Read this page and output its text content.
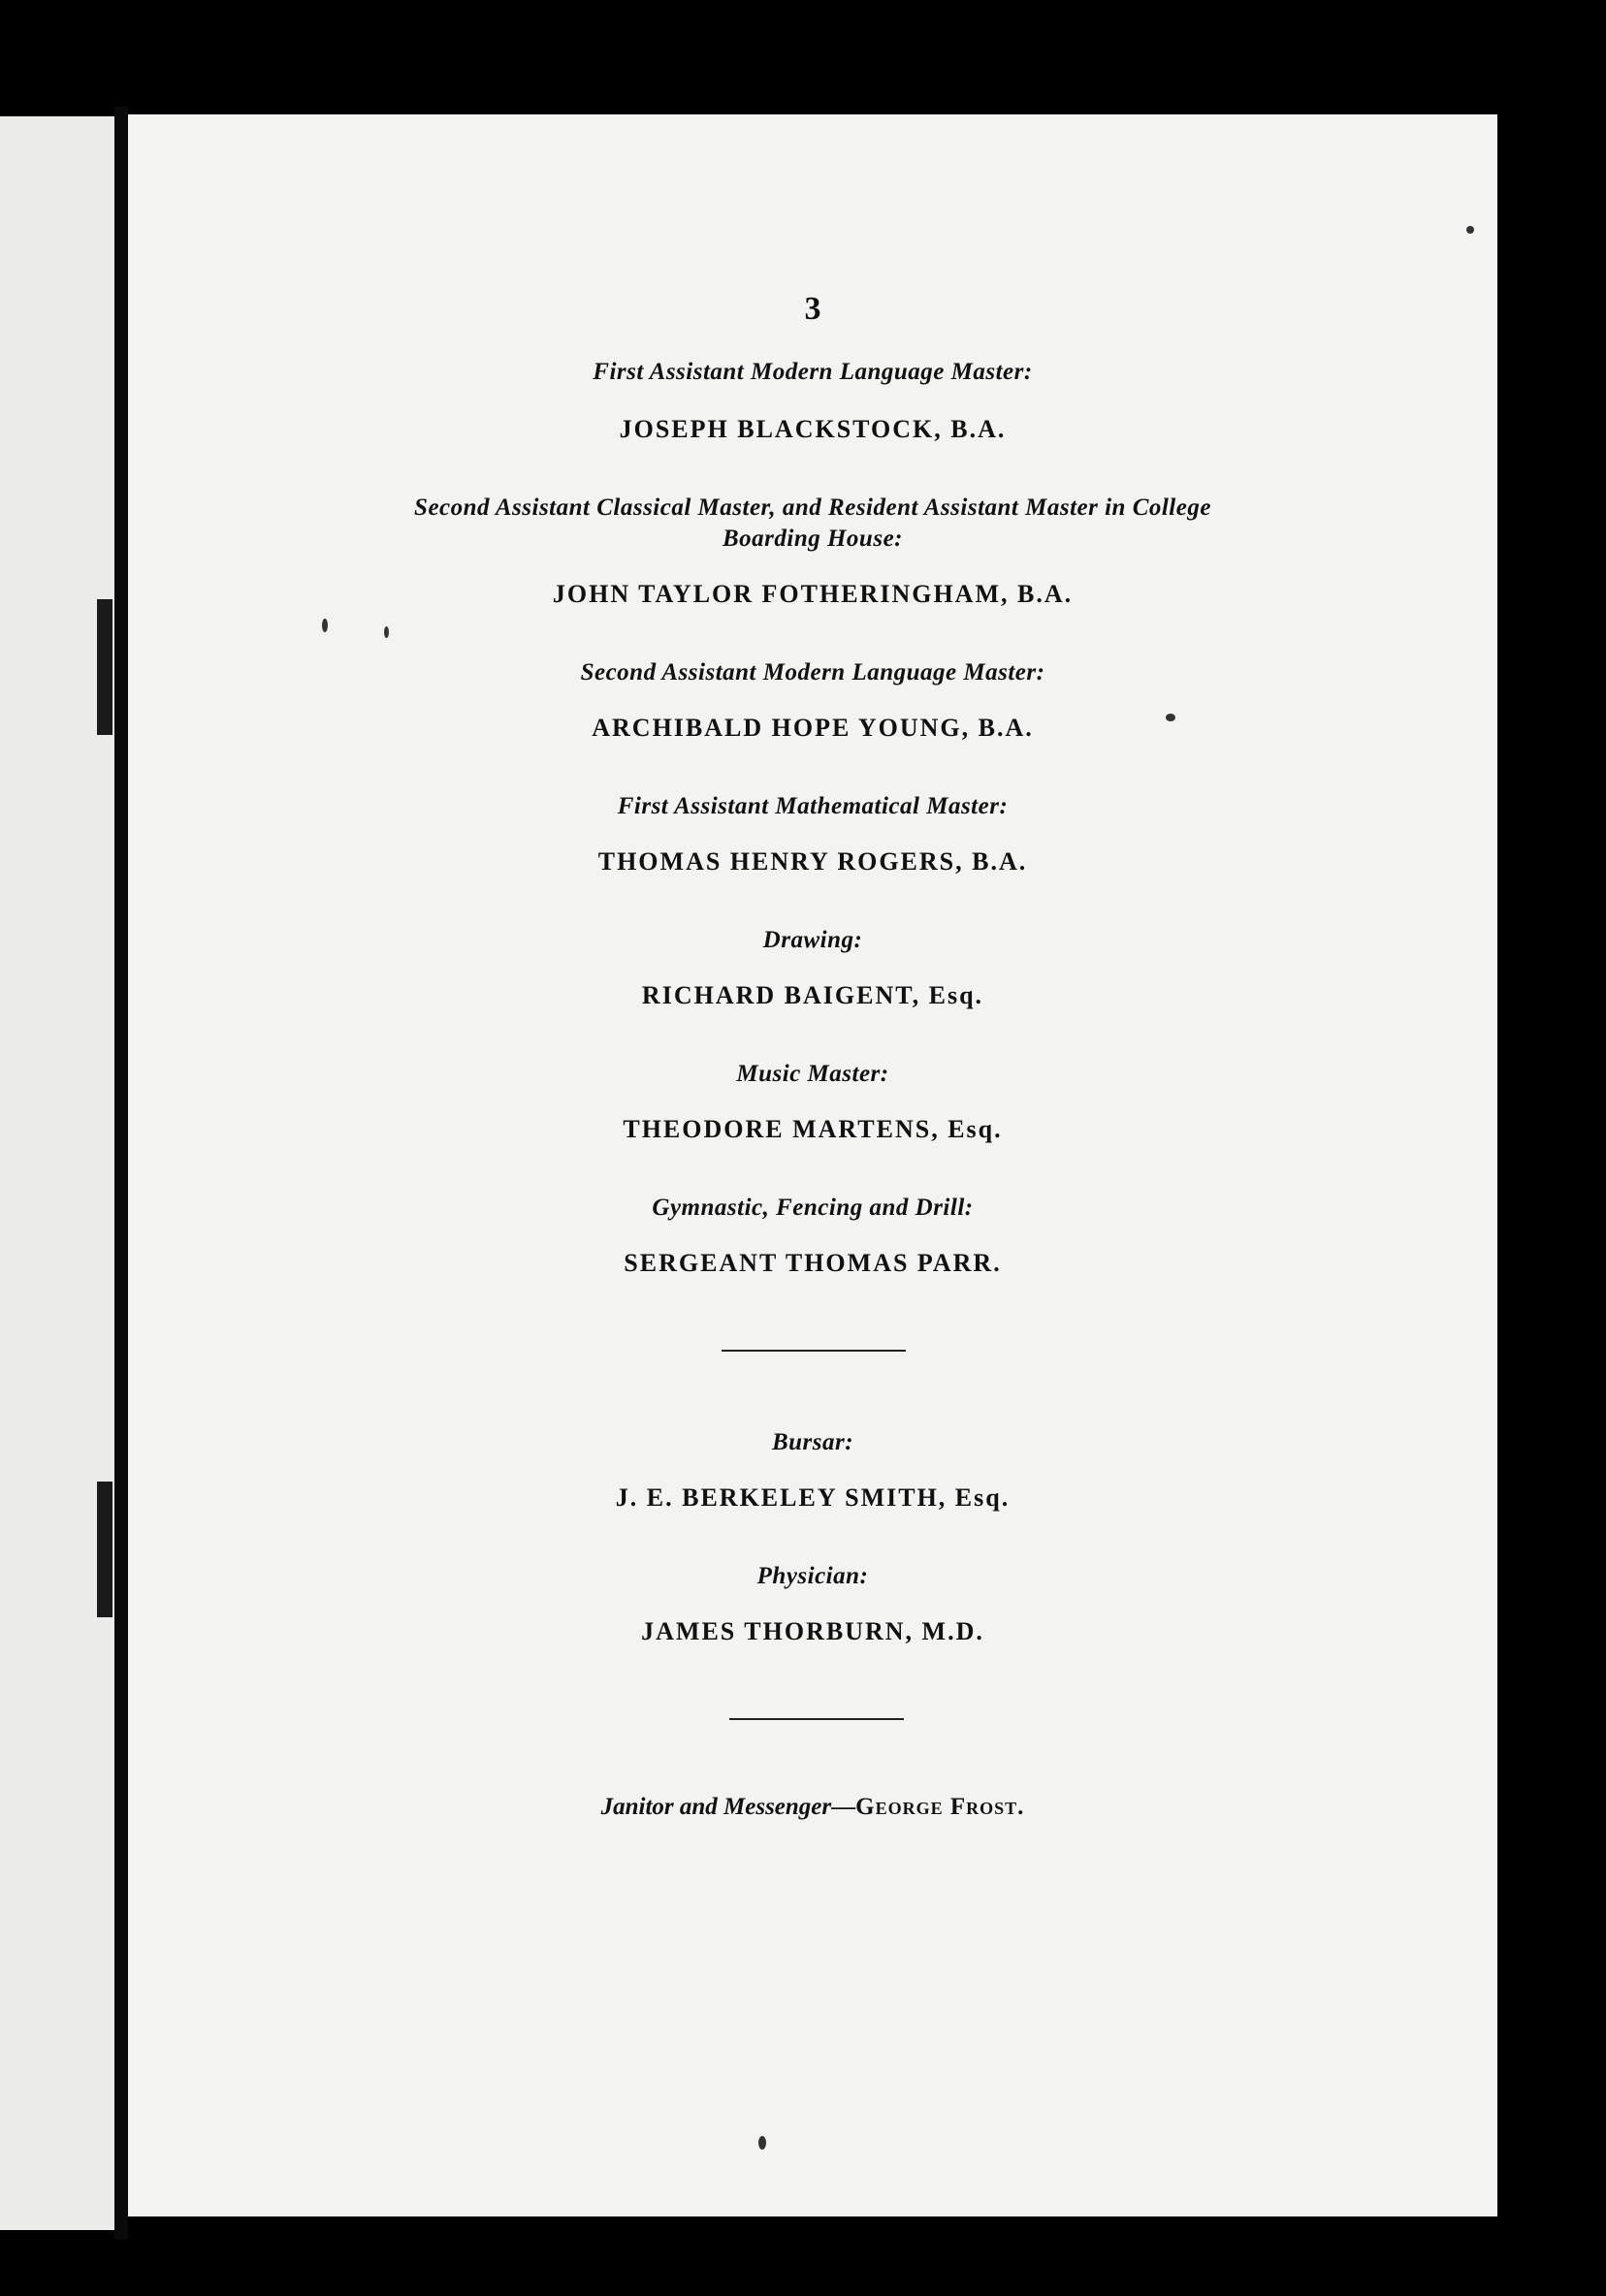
3
First Assistant Modern Language Master:
JOSEPH BLACKSTOCK, B.A.
Second Assistant Classical Master, and Resident Assistant Master in College
Boarding House:
JOHN TAYLOR FOTHERINGHAM, B.A.
Second Assistant Modern Language Master:
ARCHIBALD HOPE YOUNG, B.A.
First Assistant Mathematical Master:
THOMAS HENRY ROGERS, B.A.
Drawing:
RICHARD BAIGENT, Esq.
Music Master:
THEODORE MARTENS, Esq.
Gymnastic, Fencing and Drill:
SERGEANT THOMAS PARR.
Bursar:
J. E. BERKELEY SMITH, Esq.
Physician:
JAMES THORBURN, M.D.
Janitor and Messenger—George Frost.
